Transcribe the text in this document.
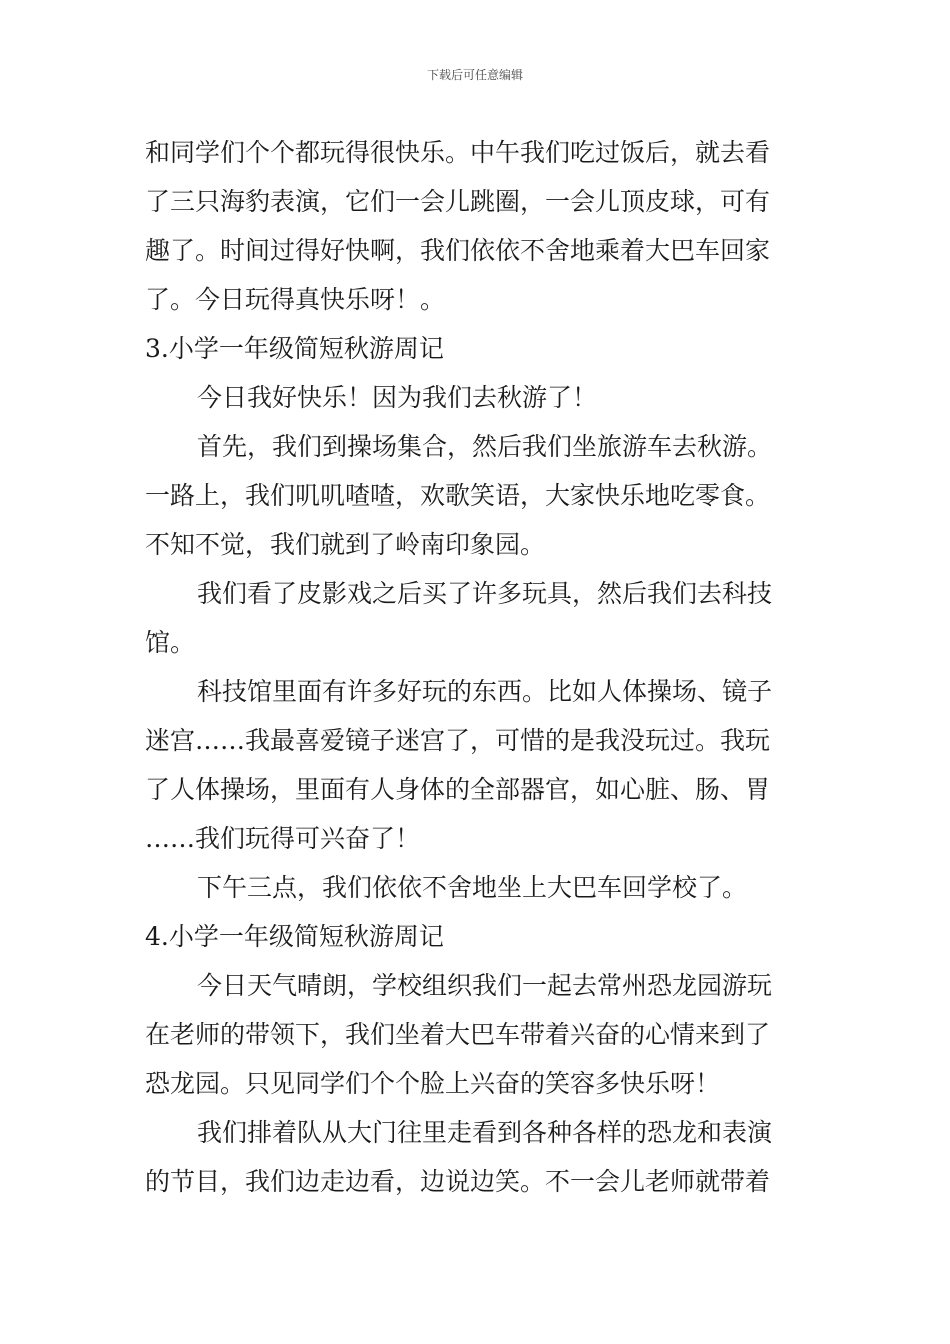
下载后可任意编辑

和同学们个个都玩得很快乐。中午我们吃过饭后，就去看

了三只海豹表演，它们一会儿跳圈，一会儿顶皮球，可有

趣了。时间过得好快啊，我们依依不舍地乘着大巴车回家

了。今日玩得真快乐呀！。

3.小学一年级简短秋游周记

今日我好快乐！因为我们去秋游了！

首先，我们到操场集合，然后我们坐旅游车去秋游。

一路上，我们叽叽喳喳，欢歌笑语，大家快乐地吃零食。

不知不觉，我们就到了岭南印象园。

我们看了皮影戏之后买了许多玩具，然后我们去科技

馆。

科技馆里面有许多好玩的东西。比如人体操场、镜子

迷宫……我最喜爱镜子迷宫了，可惜的是我没玩过。我玩

了人体操场，里面有人身体的全部器官，如心脏、肠、胃

……我们玩得可兴奋了！

下午三点，我们依依不舍地坐上大巴车回学校了。

4.小学一年级简短秋游周记

今日天气晴朗，学校组织我们一起去常州恐龙园游玩

在老师的带领下，我们坐着大巴车带着兴奋的心情来到了

恐龙园。只见同学们个个脸上兴奋的笑容多快乐呀！

我们排着队从大门往里走看到各种各样的恐龙和表演

的节目，我们边走边看，边说边笑。不一会儿老师就带着
